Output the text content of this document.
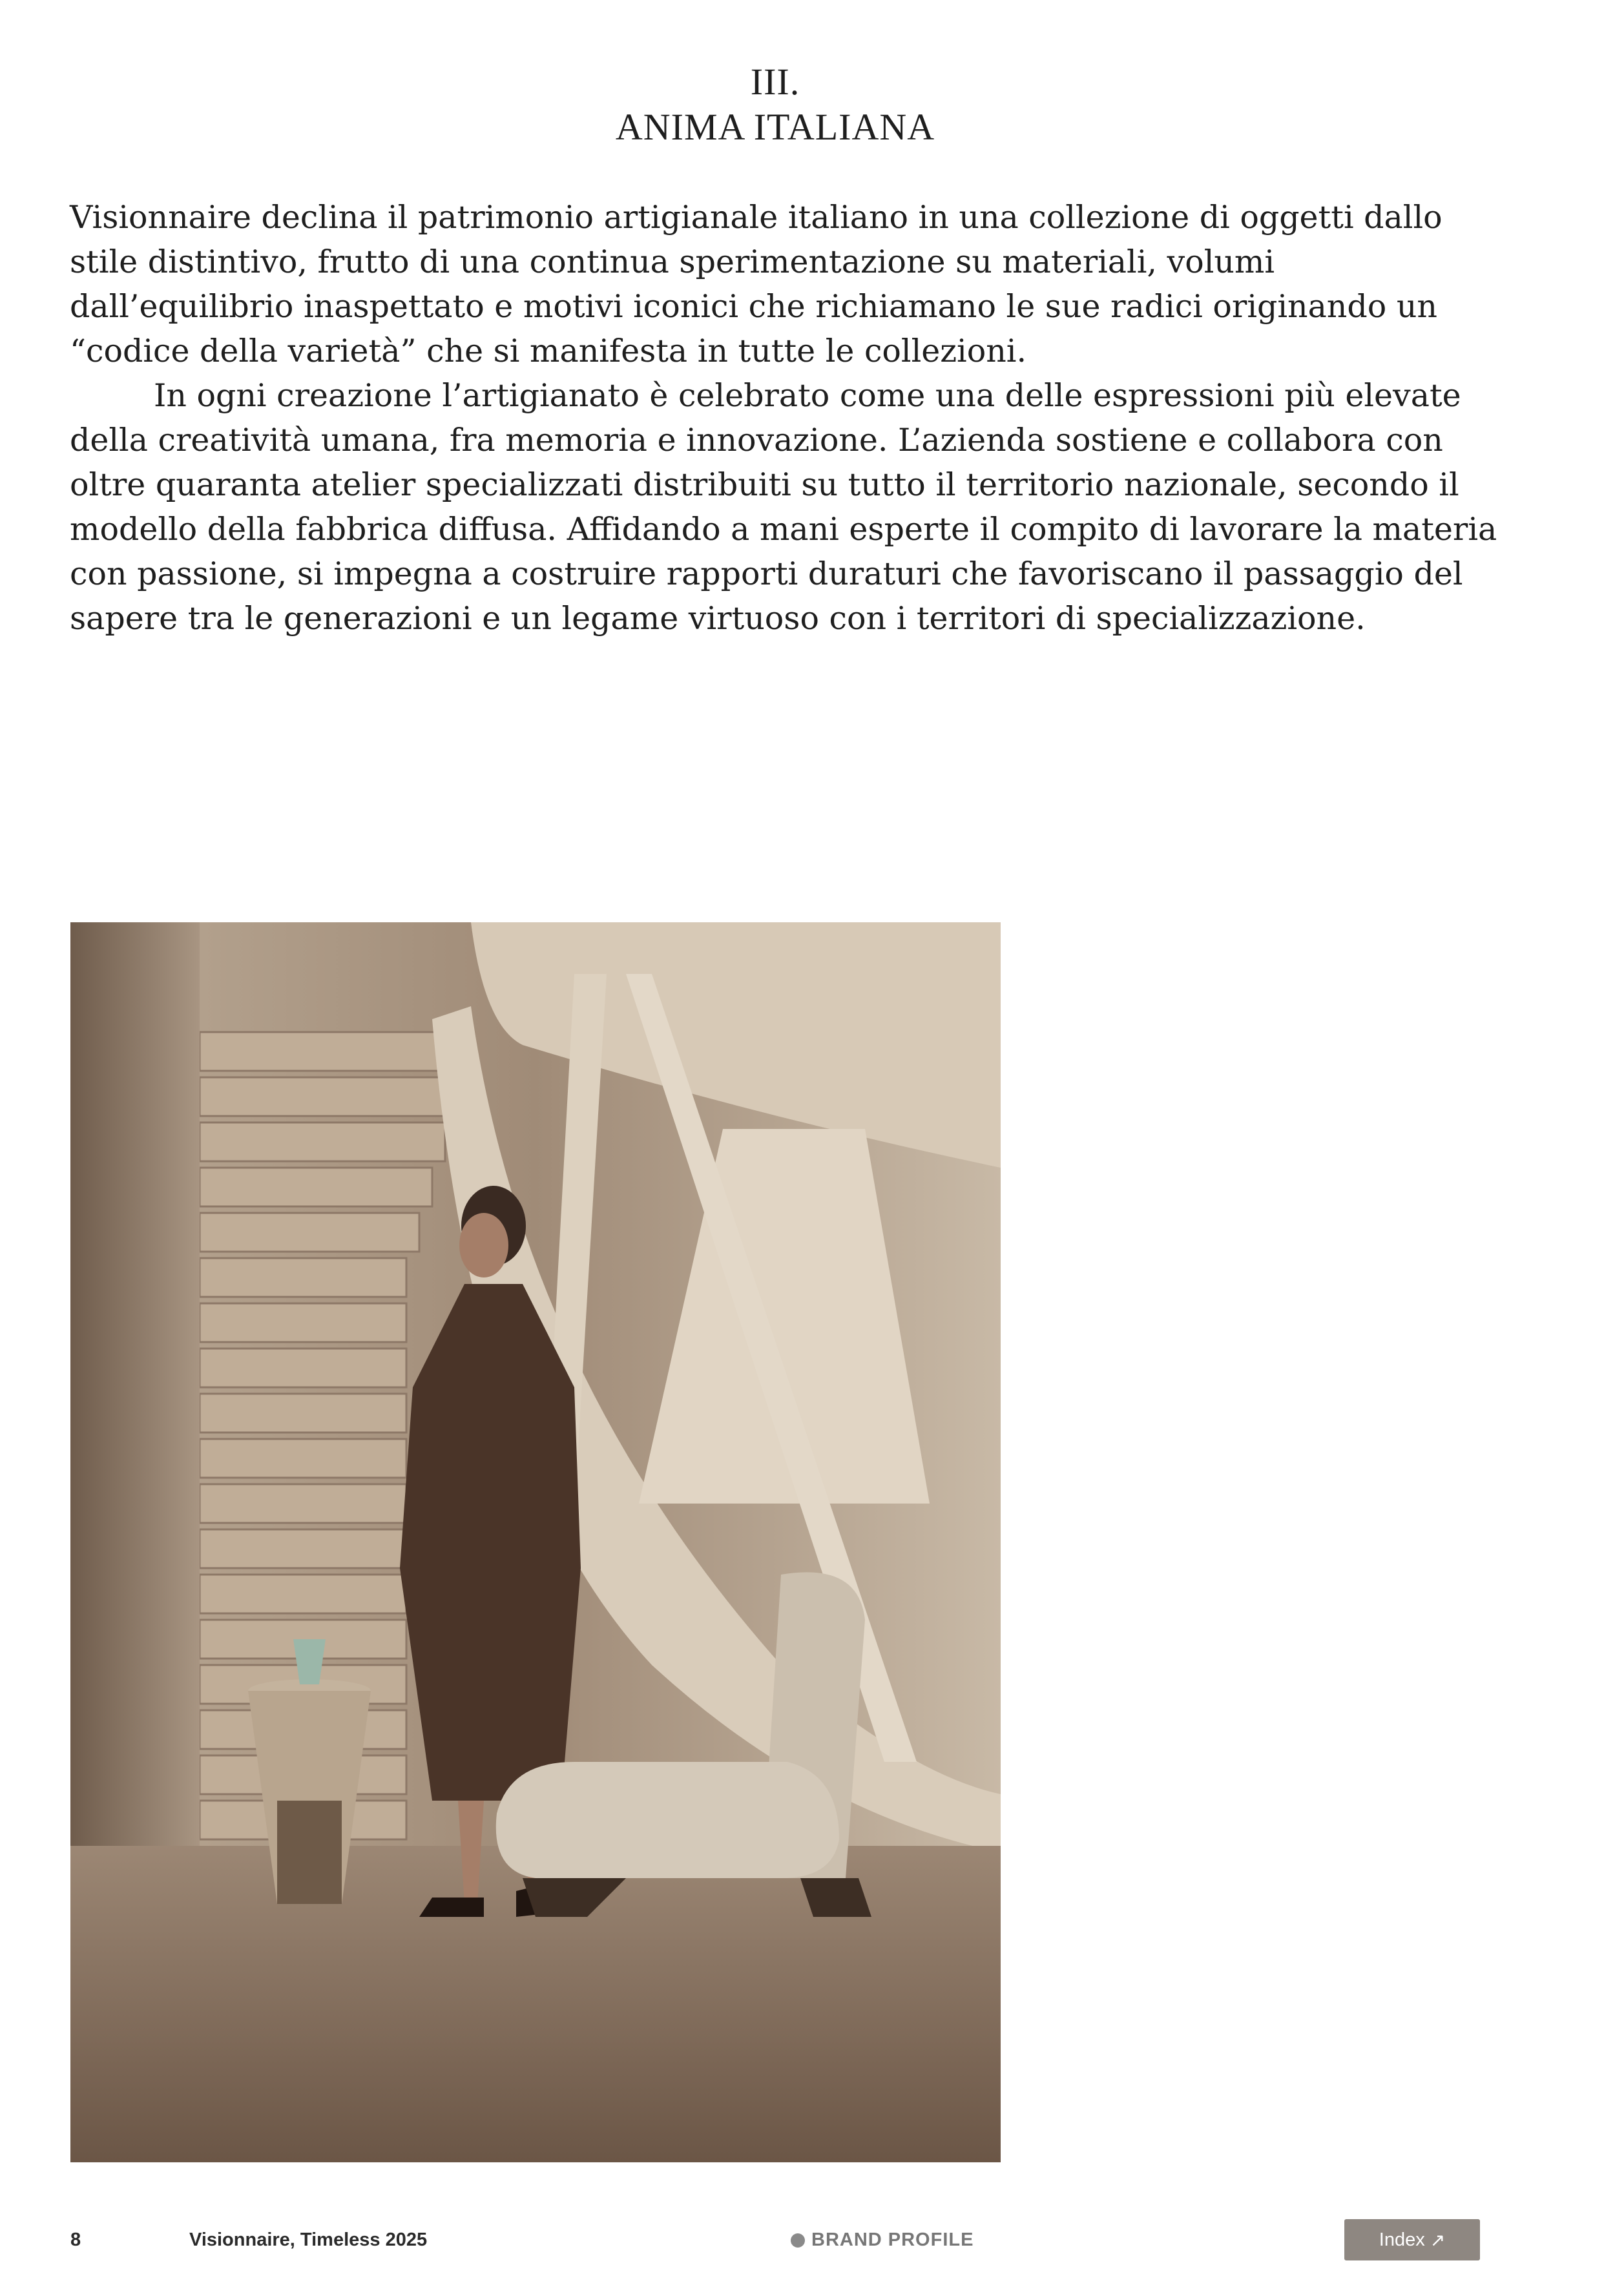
III.
ANIMA ITALIANA

Visionnaire declina il patrimonio artigianale italiano in una collezione di oggetti dallo stile distintivo, frutto di una continua sperimentazione su materiali, volumi dall’equilibrio inaspettato e motivi iconici che richiamano le sue radici originando un “codice della varietà” che si manifesta in tutte le collezioni.

In ogni creazione l’artigianato è celebrato come una delle espressioni più elevate della creatività umana, fra memoria e innovazione. L’azienda sostiene e collabora con oltre quaranta atelier specializzati distribuiti su tutto il territorio nazionale, secondo il modello della fabbrica diffusa. Affidando a mani esperte il compito di lavorare la materia con passione, si impegna a costruire rapporti duraturi che favoriscano il passaggio del sapere tra le generazioni e un legame virtuoso con i territori di specializzazione.

8	Visionnaire, Timeless 2025	BRAND PROFILE	Index ↗
